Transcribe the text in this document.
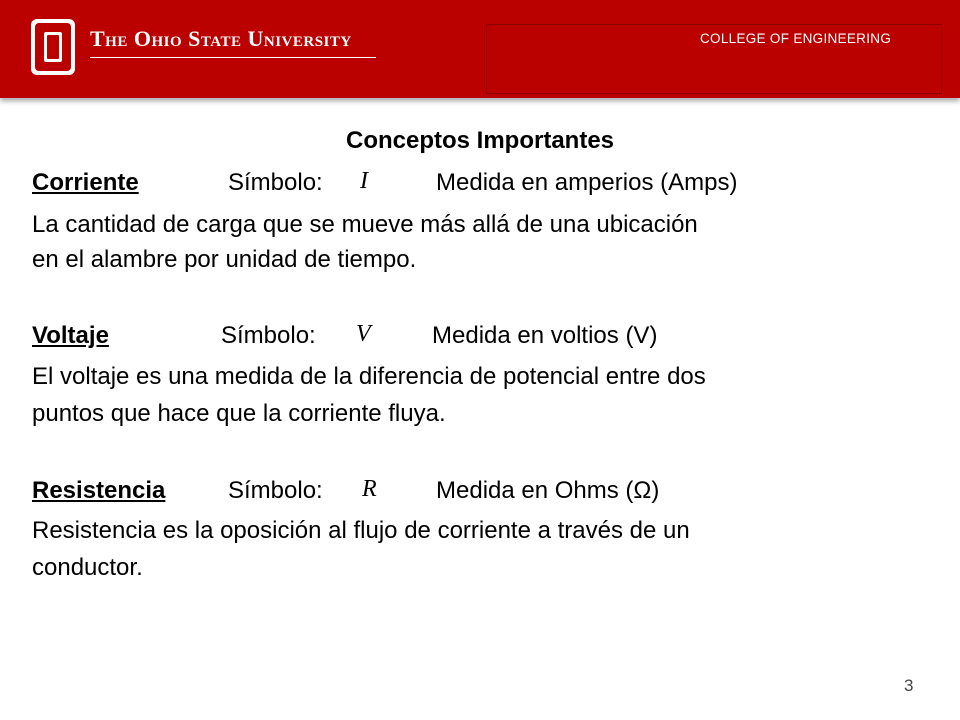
The Ohio State University	COLLEGE OF ENGINEERING
Conceptos Importantes
Corriente	Símbolo: I	Medida en amperios (Amps)
La cantidad de carga que se mueve más allá de una ubicación
en el alambre por unidad de tiempo.
Voltaje	Símbolo: V	Medida en voltios (V)
El voltaje es una medida de la diferencia de potencial entre dos
puntos que hace que la corriente fluya.
Resistencia	Símbolo: R Medida en Ohms (Ω)
Resistencia es la oposición al flujo de corriente a través de un
conductor.
3
